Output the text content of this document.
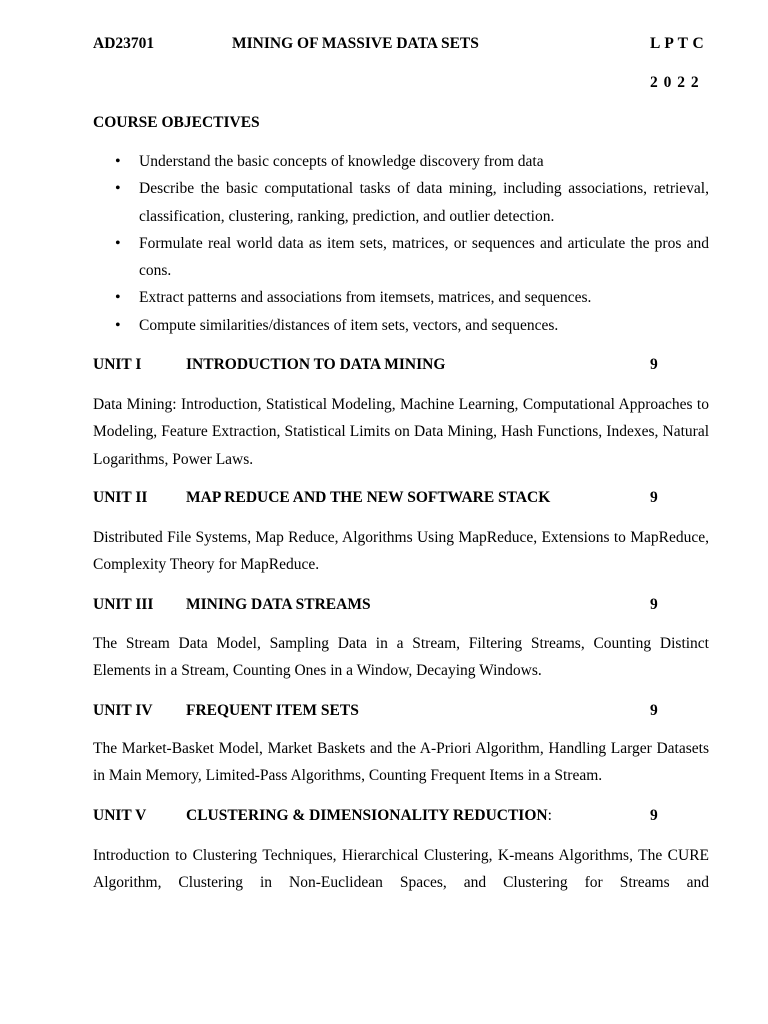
AD23701	MINING OF MASSIVE DATA SETS	L P T C
2 0 2 2
COURSE OBJECTIVES
• Understand the basic concepts of knowledge discovery from data
• Describe the basic computational tasks of data mining, including associations, retrieval, classification, clustering, ranking, prediction, and outlier detection.
• Formulate real world data as item sets, matrices, or sequences and articulate the pros and cons.
• Extract patterns and associations from itemsets, matrices, and sequences.
• Compute similarities/distances of item sets, vectors, and sequences.
UNIT I	INTRODUCTION TO DATA MINING	9
Data Mining: Introduction, Statistical Modeling, Machine Learning, Computational Approaches to Modeling, Feature Extraction, Statistical Limits on Data Mining, Hash Functions, Indexes, Natural Logarithms, Power Laws.
UNIT II MAP REDUCE AND THE NEW SOFTWARE STACK	9
Distributed File Systems, Map Reduce, Algorithms Using MapReduce, Extensions to MapReduce, Complexity Theory for MapReduce.
UNIT III MINING DATA STREAMS	9
The Stream Data Model, Sampling Data in a Stream, Filtering Streams, Counting Distinct Elements in a Stream, Counting Ones in a Window, Decaying Windows.
UNIT IV FREQUENT ITEM SETS	9
The Market-Basket Model, Market Baskets and the A-Priori Algorithm, Handling Larger Datasets in Main Memory, Limited-Pass Algorithms, Counting Frequent Items in a Stream.
UNIT V	CLUSTERING & DIMENSIONALITY REDUCTION:	9
Introduction to Clustering Techniques, Hierarchical Clustering, K-means Algorithms, The CURE Algorithm, Clustering in Non-Euclidean Spaces, and Clustering for Streams and
